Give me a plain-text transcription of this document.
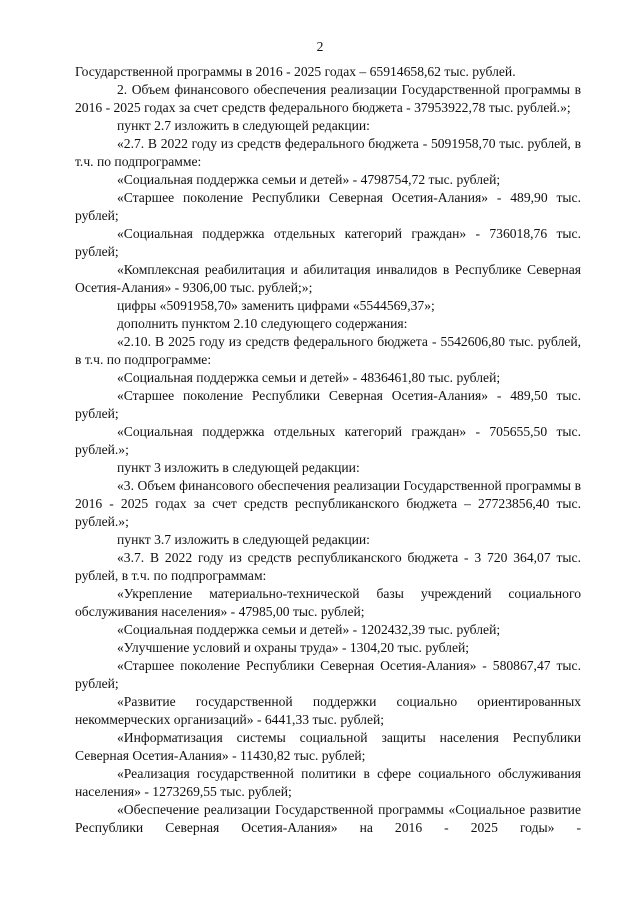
2

Государственной программы в 2016 - 2025 годах – 65914658,62 тыс. рублей.

2. Объем финансового обеспечения реализации Государственной программы в 2016 - 2025 годах за счет средств федерального бюджета - 37953922,78 тыс. рублей.»;

пункт 2.7 изложить в следующей редакции:

«2.7. В 2022 году из средств федерального бюджета - 5091958,70 тыс. рублей, в т.ч. по подпрограмме:

«Социальная поддержка семьи и детей» - 4798754,72 тыс. рублей;

«Старшее поколение Республики Северная Осетия-Алания» - 489,90 тыс. рублей;

«Социальная поддержка отдельных категорий граждан» - 736018,76 тыс. рублей;

«Комплексная реабилитация и абилитация инвалидов в Республике Северная Осетия-Алания» - 9306,00 тыс. рублей;»;

цифры «5091958,70» заменить цифрами «5544569,37»;

дополнить пунктом 2.10 следующего содержания:

«2.10. В 2025 году из средств федерального бюджета - 5542606,80 тыс. рублей, в т.ч. по подпрограмме:

«Социальная поддержка семьи и детей» - 4836461,80 тыс. рублей;

«Старшее поколение Республики Северная Осетия-Алания» - 489,50 тыс. рублей;

«Социальная поддержка отдельных категорий граждан» - 705655,50 тыс. рублей.»;

пункт 3 изложить в следующей редакции:

«3. Объем финансового обеспечения реализации Государственной программы в 2016 - 2025 годах за счет средств республиканского бюджета – 27723856,40 тыс. рублей.»;

пункт 3.7 изложить в следующей редакции:

«3.7. В 2022 году из средств республиканского бюджета - 3 720 364,07 тыс. рублей, в т.ч. по подпрограммам:

«Укрепление материально-технической базы учреждений социального обслуживания населения» - 47985,00 тыс. рублей;

«Социальная поддержка семьи и детей» - 1202432,39 тыс. рублей;

«Улучшение условий и охраны труда» - 1304,20 тыс. рублей;

«Старшее поколение Республики Северная Осетия-Алания» - 580867,47 тыс. рублей;

«Развитие государственной поддержки социально ориентированных некоммерческих организаций» - 6441,33 тыс. рублей;

«Информатизация системы социальной защиты населения Республики Северная Осетия-Алания» - 11430,82 тыс. рублей;

«Реализация государственной политики в сфере социального обслуживания населения» - 1273269,55 тыс. рублей;

«Обеспечение реализации Государственной программы «Социальное развитие Республики Северная Осетия-Алания» на 2016 - 2025 годы» -
